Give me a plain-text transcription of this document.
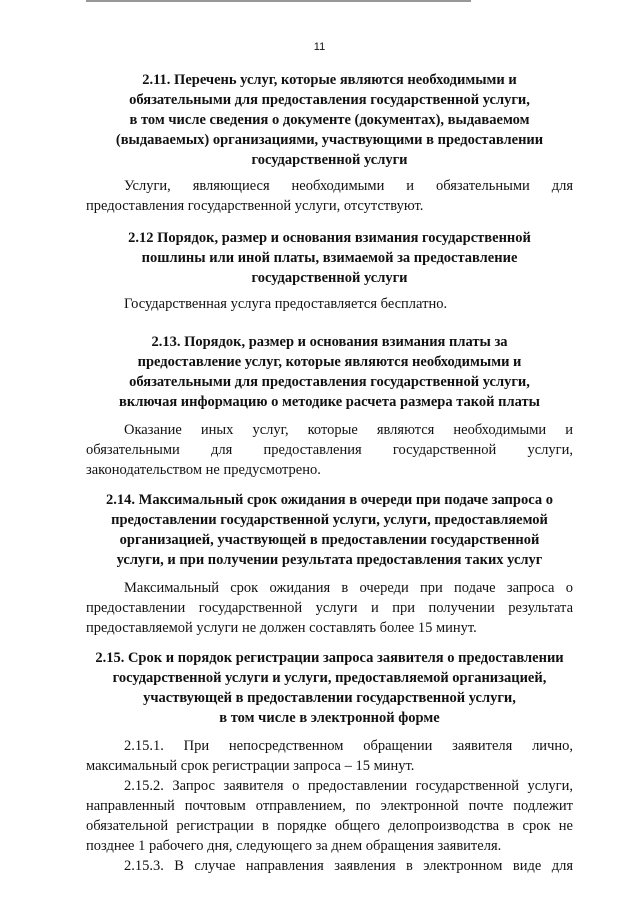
11
2.11. Перечень услуг, которые являются необходимыми и
обязательными для предоставления государственной услуги,
в том числе сведения о документе (документах), выдаваемом
(выдаваемых) организациями, участвующими в предоставлении
государственной услуги
Услуги, являющиеся необходимыми и обязательными для предоставления государственной услуги, отсутствуют.
2.12 Порядок, размер и основания взимания государственной
пошлины или иной платы, взимаемой за предоставление
государственной услуги
Государственная услуга предоставляется бесплатно.
2.13. Порядок, размер и основания взимания платы за
предоставление услуг, которые являются необходимыми и
обязательными для предоставления государственной услуги,
включая информацию о методике расчета размера такой платы
Оказание иных услуг, которые являются необходимыми и обязательными для предоставления государственной услуги, законодательством не предусмотрено.
2.14. Максимальный срок ожидания в очереди при подаче запроса о
предоставлении государственной услуги, услуги, предоставляемой
организацией, участвующей в предоставлении государственной
услуги, и при получении результата предоставления таких услуг
Максимальный срок ожидания в очереди при подаче запроса о предоставлении государственной услуги и при получении результата предоставляемой услуги не должен составлять более 15 минут.
2.15. Срок и порядок регистрации запроса заявителя о предоставлении
государственной услуги и услуги, предоставляемой организацией,
участвующей в предоставлении государственной услуги,
в том числе в электронной форме
2.15.1. При непосредственном обращении заявителя лично, максимальный срок регистрации запроса – 15 минут.
2.15.2. Запрос заявителя о предоставлении государственной услуги, направленный почтовым отправлением, по электронной почте подлежит обязательной регистрации в порядке общего делопроизводства в срок не позднее 1 рабочего дня, следующего за днем обращения заявителя.
2.15.3. В случае направления заявления в электронном виде для
